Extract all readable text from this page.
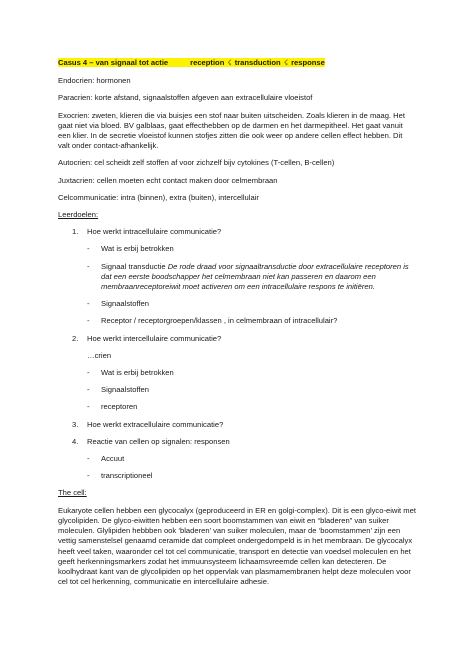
Casus 4 – van signaal tot actie	reception ☇ transduction ☇ response

Endocrien: hormonen

Paracrien: korte afstand, signaalstoffen afgeven aan extracellulaire vloeistof

Exocrien: zweten, klieren die via buisjes een stof naar buiten uitscheiden. Zoals klieren in de maag. Het gaat niet via bloed. BV galblaas, gaat effecthebben op de darmen en het darmepitheel. Het gaat vanuit een klier. In de secretie vloeistof kunnen stofjes zitten die ook weer op andere cellen effect hebben. Dit valt onder contact-afhankelijk.

Autocrien: cel scheidt zelf stoffen af voor zichzelf bijv cytokines (T-cellen, B-cellen)

Juxtacrien: cellen moeten echt contact maken door celmembraan

Celcommunicatie: intra (binnen), extra (buiten), intercellulair

Leerdoelen:

1. Hoe werkt intracellulaire communicatie?
- Wat is erbij betrokken
- Signaal transductie De rode draad voor signaaltransductie door extracellulaire receptoren is dat een eerste boodschapper het celmembraan niet kan passeren en daarom een membraanreceptoreiwit moet activeren om een intracellulaire respons te initiëren.
- Signaalstoffen
- Receptor / receptorgroepen/klassen , in celmembraan of intracellulair?
2. Hoe werkt intercellulaire communicatie?
…crien
- Wat is erbij betrokken
- Signaalstoffen
- receptoren
3. Hoe werkt extracellulaire communicatie?
4. Reactie van cellen op signalen: responsen
- Accuut
- transcriptioneel

The cell:

Eukaryote cellen hebben een glycocalyx (geproduceerd in ER en golgi-complex). Dit is een glyco-eiwit met glycolipiden. De glyco-eiwitten hebben een soort boomstammen van eiwit en “bladeren” van suiker moleculen. Glylipiden hebbben ook ‘bladeren’ van suiker moleculen, maar de ‘boomstammen’ zijn een vettig samenstelsel genaamd ceramide dat compleet ondergedompeld is in het membraan. De glycocalyx heeft veel taken, waaronder cel tot cel communicatie, transport en detectie van voedsel moleculen en het geeft herkenningsmarkers zodat het immuunsysteem lichaamsvreemde cellen kan detecteren. De koolhydraat kant van de glycolipiden op het oppervlak van plasmamembranen helpt deze moleculen voor cel tot cel herkenning, communicatie en intercellulaire adhesie.
